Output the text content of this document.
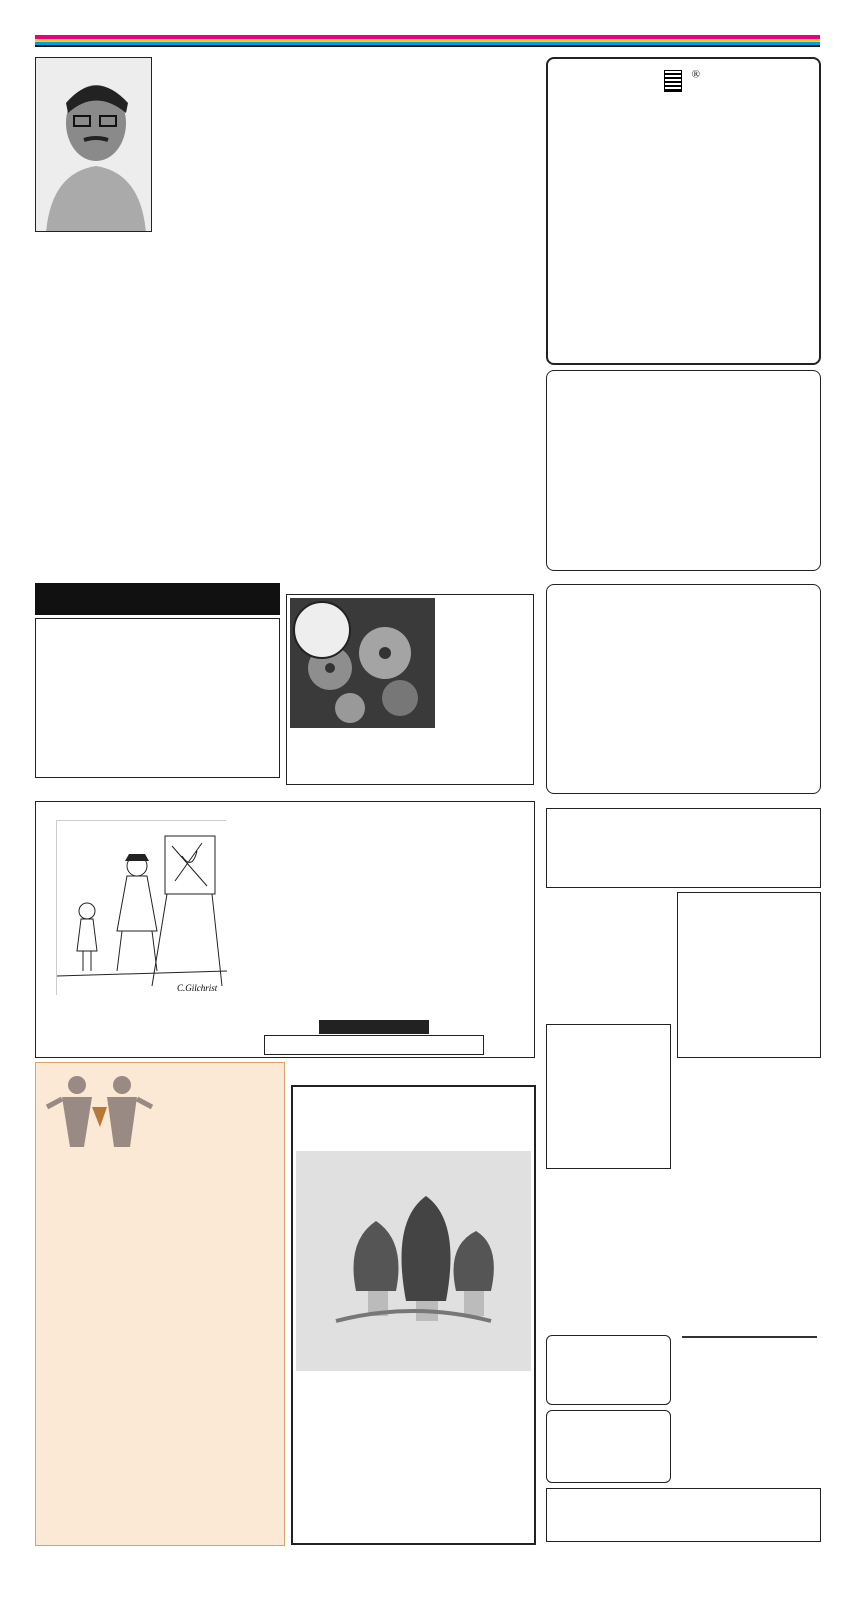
®
C.Gilchrist
